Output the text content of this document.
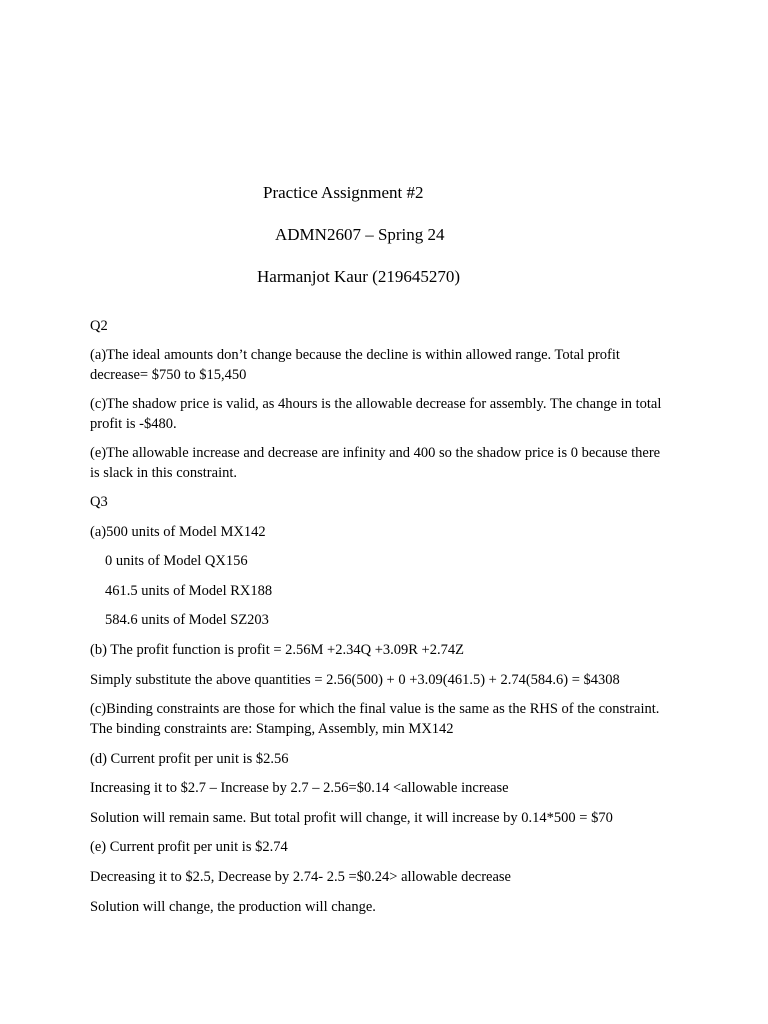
Practice Assignment #2
ADMN2607 – Spring 24
Harmanjot Kaur (219645270)
Q2
(a)The ideal amounts don’t change because the decline is within allowed range. Total profit decrease= $750 to $15,450
(c)The shadow price is valid, as 4hours is the allowable decrease for assembly. The change in total profit is -$480.
(e)The allowable increase and decrease are infinity and 400 so the shadow price is 0 because there is slack in this constraint.
Q3
(a)500 units of Model MX142
0 units of Model QX156
461.5 units of Model RX188
584.6 units of Model SZ203
(b) The profit function is profit = 2.56M +2.34Q +3.09R +2.74Z
Simply substitute the above quantities = 2.56(500) + 0 +3.09(461.5) + 2.74(584.6) = $4308
(c)Binding constraints are those for which the final value is the same as the RHS of the constraint. The binding constraints are: Stamping, Assembly, min MX142
(d) Current profit per unit is $2.56
Increasing it to $2.7 – Increase by 2.7 – 2.56=$0.14 <allowable increase
Solution will remain same. But total profit will change, it will increase by 0.14*500 = $70
(e) Current profit per unit is $2.74
Decreasing it to $2.5, Decrease by 2.74- 2.5 =$0.24> allowable decrease
Solution will change, the production will change.
